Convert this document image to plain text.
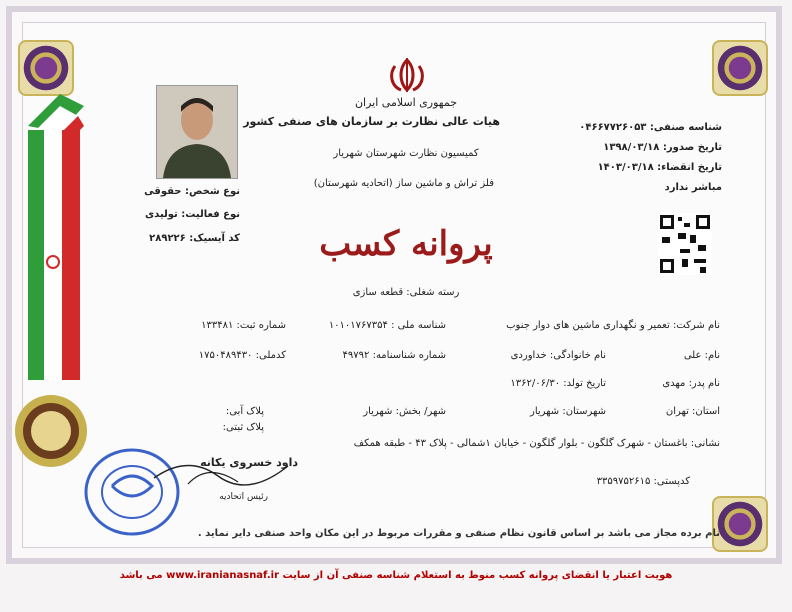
جمهوری اسلامی ایران

هیات عالی نظارت بر سازمان های صنفی کشور

کمیسیون نظارت شهرستان شهریار

فلز تراش و ماشین ساز (اتحادیه شهرستان)

پروانه کسب

رسته شغلی: قطعه سازی

نوع شخص: حقوقی

نوع فعالیت: تولیدی

کد آیسیک: ۲۸۹۲۲۶

شناسه صنفی: ۰۴۶۶۷۷۲۶۰۵۳

تاریخ صدور: ۱۳۹۸/۰۳/۱۸

تاریخ انقضاء: ۱۴۰۳/۰۳/۱۸

مباشر ندارد

نام شرکت: تعمیر و نگهداری ماشین های دوار جنوب

شناسه ملی : ۱۰۱۰۱۷۶۷۳۵۴

شماره ثبت: ۱۳۳۴۸۱

نام: علی

نام خانوادگی: خداوردی

شماره شناسنامه: ۴۹۷۹۲

کدملی: ۱۷۵۰۴۸۹۴۳۰

نام پدر: مهدی

تاریخ تولد: ۱۳۶۲/۰۶/۳۰

استان: تهران

شهرستان: شهریار

شهر/ بخش: شهریار

پلاک آبی:

پلاک ثبتی:

نشانی: باغستان - شهرک گلگون - بلوار گلگون - خیابان ۱شمالی - پلاک ۴۳ - طبقه همکف

کدپستی: ۳۳۵۹۷۵۲۶۱۵

داود خسروی یکانه

رئیس اتحادیه

نام برده مجاز می باشد بر اساس قانون نظام صنفی و مقررات مربوط در این مکان واحد صنفی دایر نماید .

هویت اعتبار یا انقضای پروانه کسب منوط به استعلام شناسه صنفی آن از سایت www.iranianasnaf.ir می باشد
